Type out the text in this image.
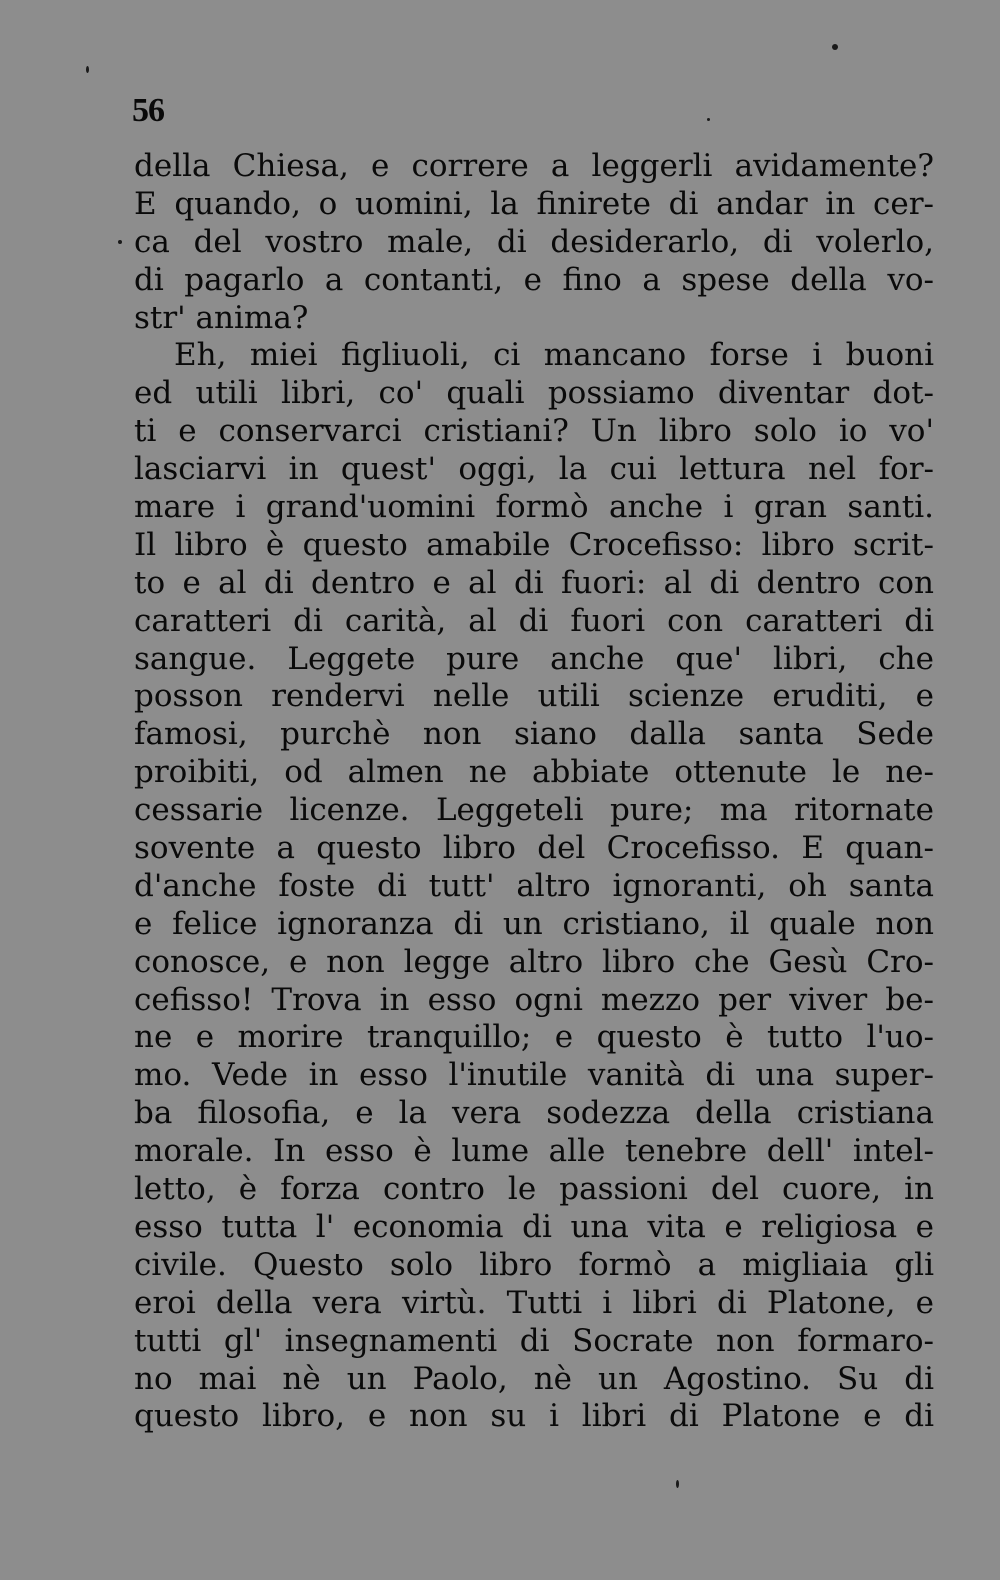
56
della Chiesa, e correre a leggerli avidamente?
E quando, o uomini, la finirete di andar in cer-
ca del vostro male, di desiderarlo, di volerlo,
di pagarlo a contanti, e fino a spese della vo-
str' anima?
Eh, miei figliuoli, ci mancano forse i buoni
ed utili libri, co' quali possiamo diventar dot-
ti e conservarci cristiani? Un libro solo io vo'
lasciarvi in quest' oggi, la cui lettura nel for-
mare i grand'uomini formò anche i gran santi.
Il libro è questo amabile Crocefisso: libro scrit-
to e al di dentro e al di fuori: al di dentro con
caratteri di carità, al di fuori con caratteri di
sangue. Leggete pure anche que' libri, che
posson rendervi nelle utili scienze eruditi, e
famosi, purchè non siano dalla santa Sede
proibiti, od almen ne abbiate ottenute le ne-
cessarie licenze. Leggeteli pure; ma ritornate
sovente a questo libro del Crocefisso. E quan-
d'anche foste di tutt' altro ignoranti, oh santa
e felice ignoranza di un cristiano, il quale non
conosce, e non legge altro libro che Gesù Cro-
cefisso! Trova in esso ogni mezzo per viver be-
ne e morire tranquillo; e questo è tutto l'uo-
mo. Vede in esso l'inutile vanità di una super-
ba filosofia, e la vera sodezza della cristiana
morale. In esso è lume alle tenebre dell' intel-
letto, è forza contro le passioni del cuore, in
esso tutta l' economia di una vita e religiosa e
civile. Questo solo libro formò a migliaia gli
eroi della vera virtù. Tutti i libri di Platone, e
tutti gl' insegnamenti di Socrate non formaro-
no mai nè un Paolo, nè un Agostino. Su di
questo libro, e non su i libri di Platone e di
